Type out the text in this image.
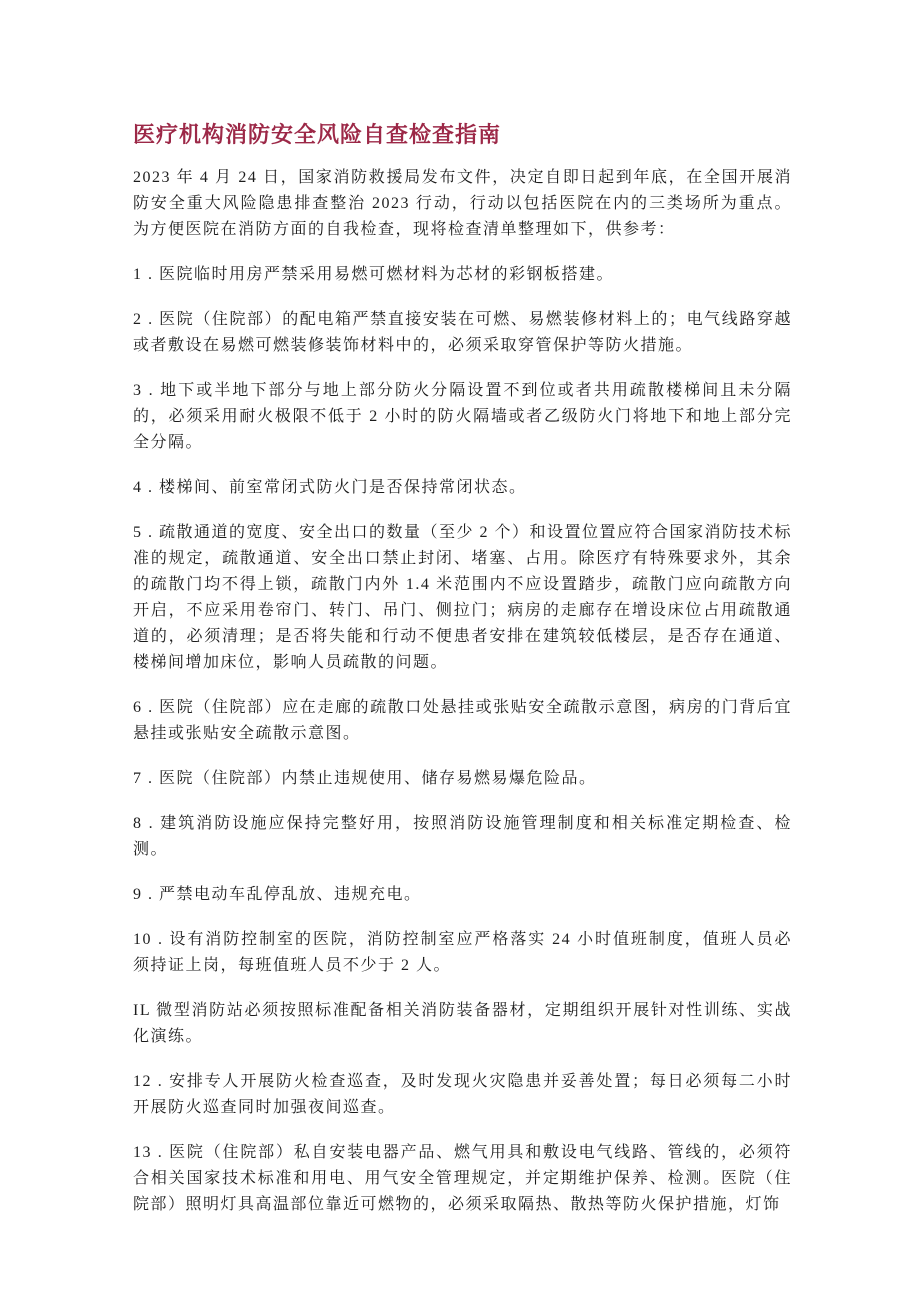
医疗机构消防安全风险自查检查指南

2023 年 4 月 24 日，国家消防救援局发布文件，决定自即日起到年底，在全国开展消防安全重大风险隐患排查整治 2023 行动，行动以包括医院在内的三类场所为重点。为方便医院在消防方面的自我检查，现将检查清单整理如下，供参考：

1 . 医院临时用房严禁采用易燃可燃材料为芯材的彩钢板搭建。

2 . 医院（住院部）的配电箱严禁直接安装在可燃、易燃装修材料上的；电气线路穿越或者敷设在易燃可燃装修装饰材料中的，必须采取穿管保护等防火措施。

3 . 地下或半地下部分与地上部分防火分隔设置不到位或者共用疏散楼梯间且未分隔的，必须采用耐火极限不低于 2 小时的防火隔墙或者乙级防火门将地下和地上部分完全分隔。

4 . 楼梯间、前室常闭式防火门是否保持常闭状态。

5 . 疏散通道的宽度、安全出口的数量（至少 2 个）和设置位置应符合国家消防技术标准的规定，疏散通道、安全出口禁止封闭、堵塞、占用。除医疗有特殊要求外，其余的疏散门均不得上锁，疏散门内外 1.4 米范围内不应设置踏步，疏散门应向疏散方向开启，不应采用卷帘门、转门、吊门、侧拉门；病房的走廊存在增设床位占用疏散通道的，必须清理；是否将失能和行动不便患者安排在建筑较低楼层，是否存在通道、楼梯间增加床位，影响人员疏散的问题。

6 . 医院（住院部）应在走廊的疏散口处悬挂或张贴安全疏散示意图，病房的门背后宜悬挂或张贴安全疏散示意图。

7 . 医院（住院部）内禁止违规使用、储存易燃易爆危险品。

8 . 建筑消防设施应保持完整好用，按照消防设施管理制度和相关标准定期检查、检测。

9 . 严禁电动车乱停乱放、违规充电。

10 . 设有消防控制室的医院，消防控制室应严格落实 24 小时值班制度，值班人员必须持证上岗，每班值班人员不少于 2 人。

IL 微型消防站必须按照标准配备相关消防装备器材，定期组织开展针对性训练、实战化演练。

12 . 安排专人开展防火检查巡查，及时发现火灾隐患并妥善处置；每日必须每二小时开展防火巡查同时加强夜间巡查。

13 . 医院（住院部）私自安装电器产品、燃气用具和敷设电气线路、管线的，必须符合相关国家技术标准和用电、用气安全管理规定，并定期维护保养、检测。医院（住院部）照明灯具高温部位靠近可燃物的，必须采取隔热、散热等防火保护措施，灯饰
